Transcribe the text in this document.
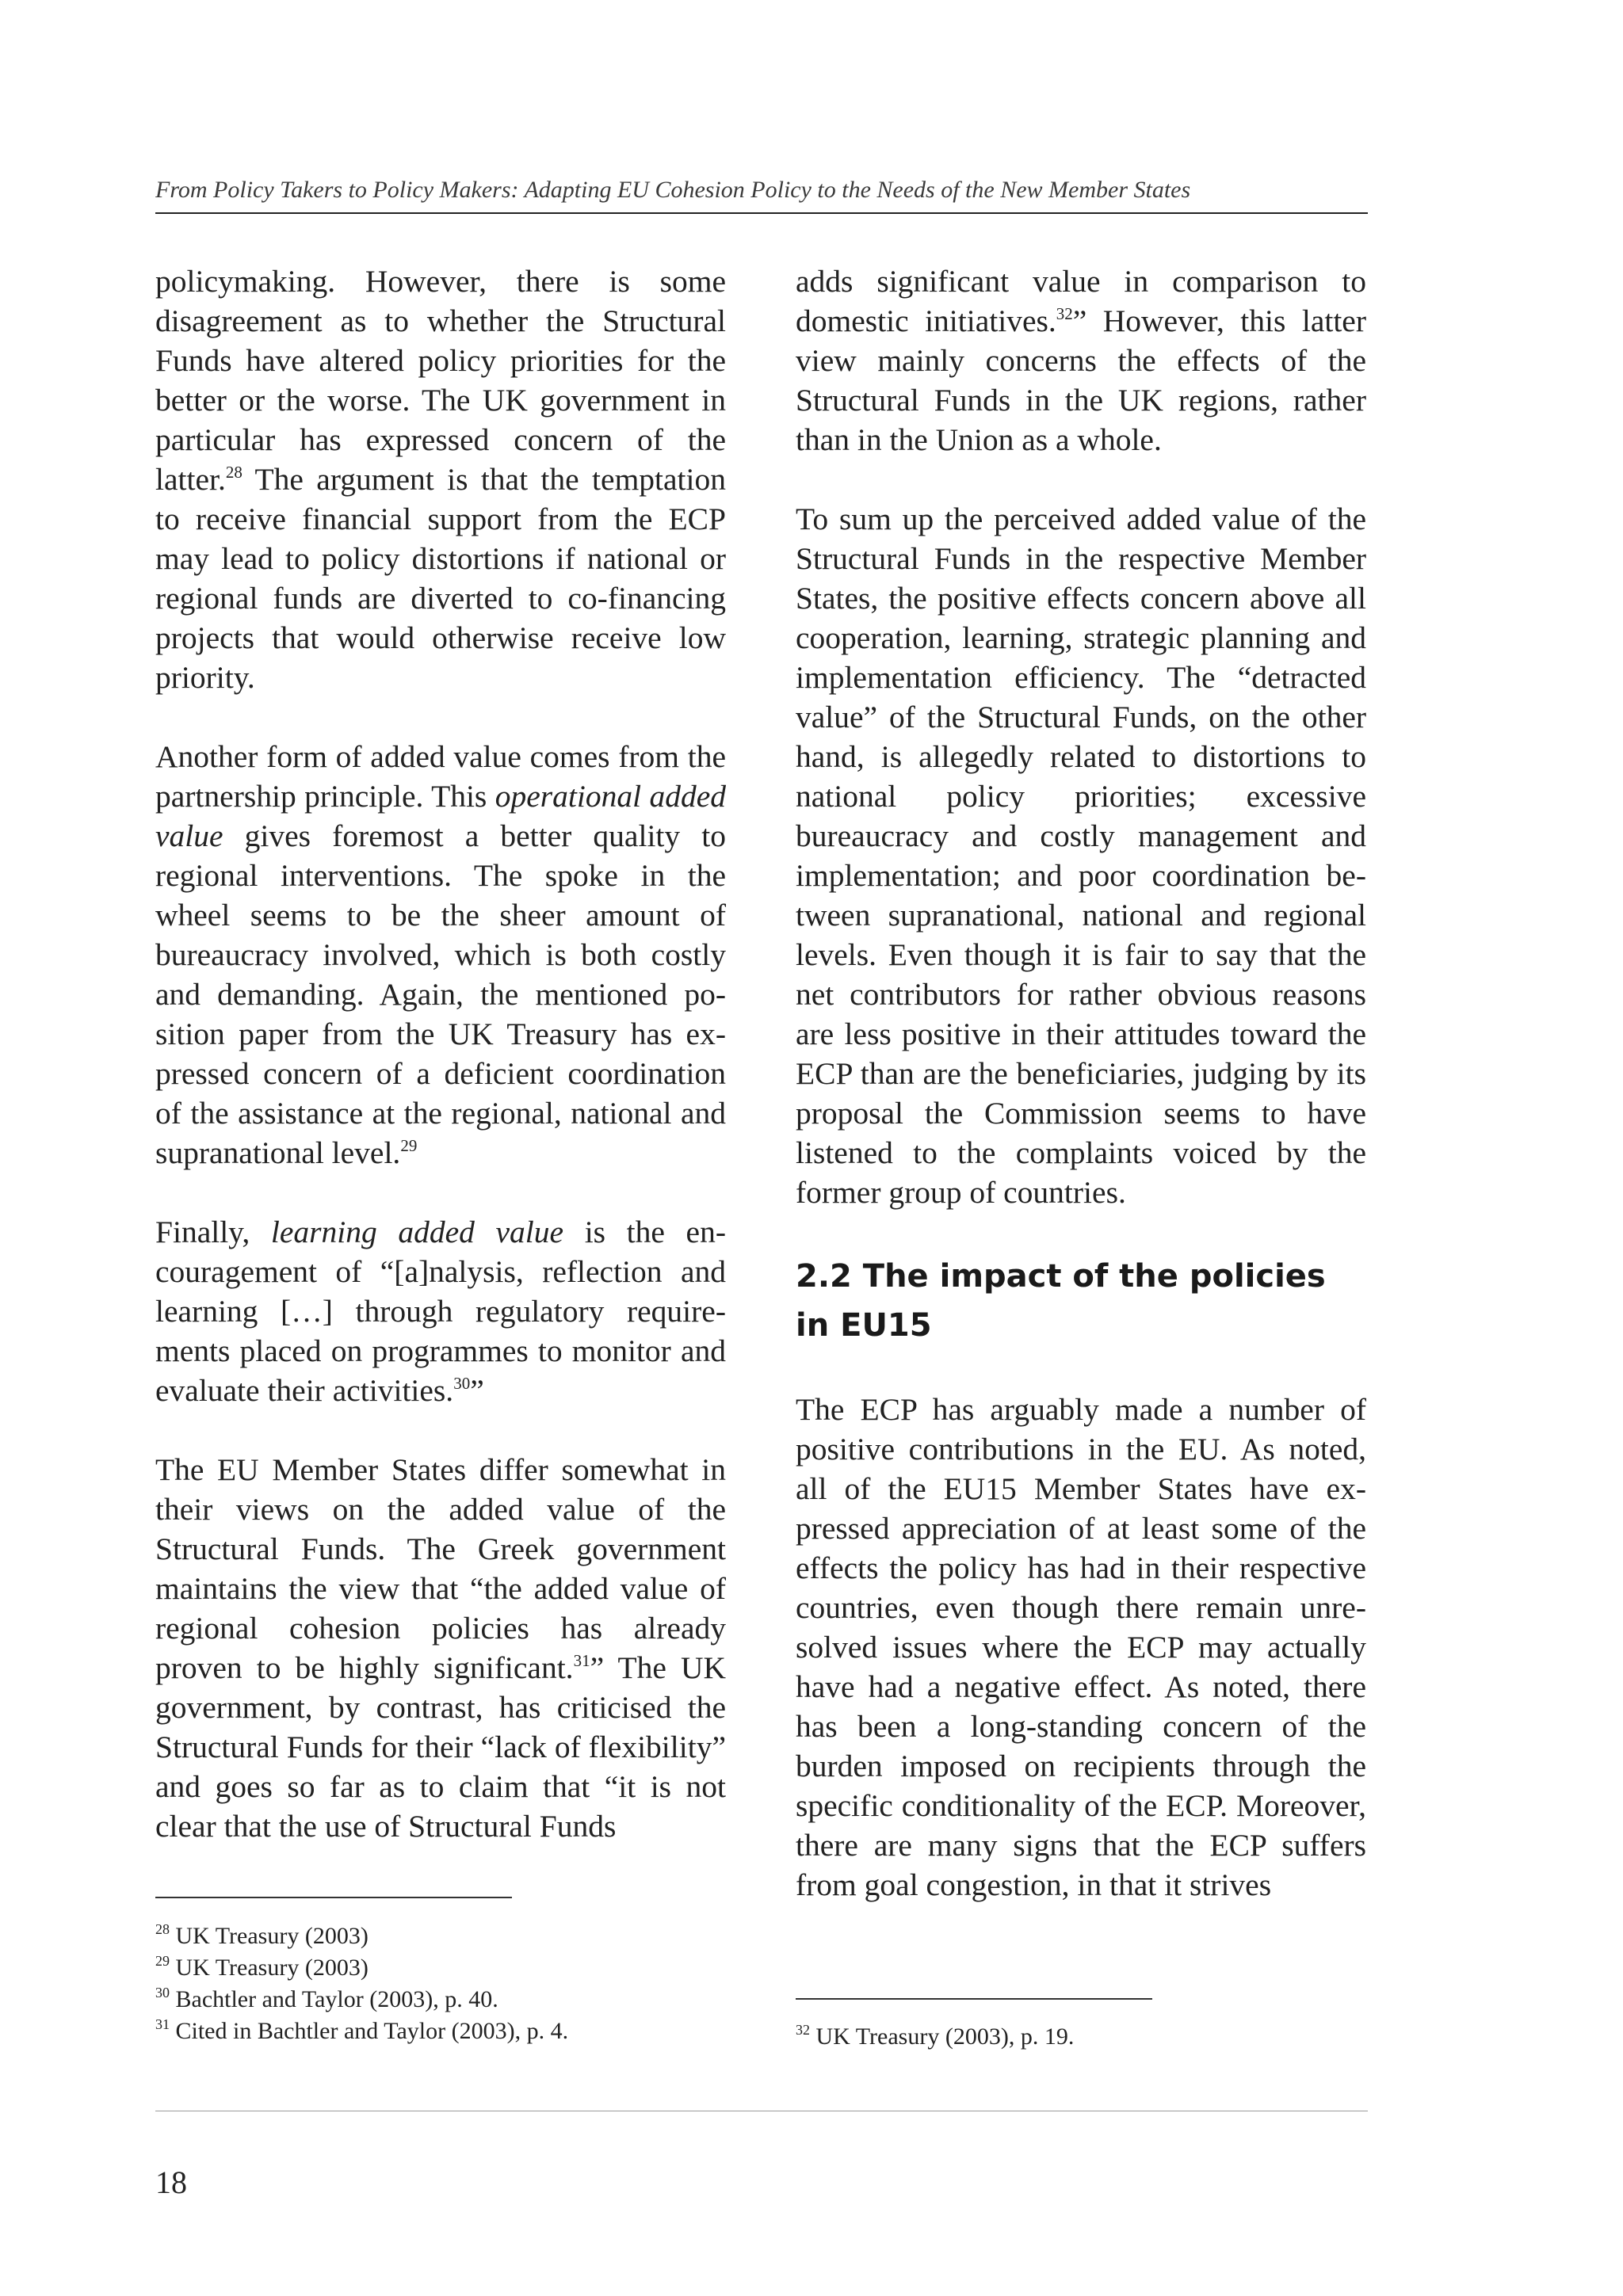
From Policy Takers to Policy Makers: Adapting EU Cohesion Policy to the Needs of the New Member States

policymaking. However, there is some disagreement as to whether the Structural Funds have altered policy priorities for the better or the worse. The UK government in particular has expressed concern of the latter.$^{28}$ The argument is that the temptation to receive financial support from the ECP may lead to policy distortions if national or regional funds are diverted to co-financing projects that would otherwise receive low priority.

Another form of added value comes from the partnership principle. This operational added value gives foremost a better quality to regional interventions. The spoke in the wheel seems to be the sheer amount of bureaucracy involved, which is both costly and demanding. Again, the mentioned position paper from the UK Treasury has expressed concern of a deficient coordination of the assistance at the regional, national and supranational level.$^{29}$

Finally, learning added value is the encouragement of “[a]nalysis, reflection and learning […] through regulatory requirements placed on programmes to monitor and evaluate their activities.$^{30}$”

The EU Member States differ somewhat in their views on the added value of the Structural Funds. The Greek government maintains the view that “the added value of regional cohesion policies has already proven to be highly significant.$^{31}$” The UK government, by contrast, has criticised the Structural Funds for their “lack of flexibility” and goes so far as to claim that “it is not clear that the use of Structural Funds

adds significant value in comparison to domestic initiatives.$^{32}$” However, this latter view mainly concerns the effects of the Structural Funds in the UK regions, rather than in the Union as a whole.

To sum up the perceived added value of the Structural Funds in the respective Member States, the positive effects concern above all cooperation, learning, strategic planning and implementation efficiency. The “detracted value” of the Structural Funds, on the other hand, is allegedly related to distortions to national policy priorities; excessive bureaucracy and costly management and implementation; and poor coordination between supranational, national and regional levels. Even though it is fair to say that the net contributors for rather obvious reasons are less positive in their attitudes toward the ECP than are the beneficiaries, judging by its proposal the Commission seems to have listened to the complaints voiced by the former group of countries.

2.2 The impact of the policies in EU15

The ECP has arguably made a number of positive contributions in the EU. As noted, all of the EU15 Member States have expressed appreciation of at least some of the effects the policy has had in their respective countries, even though there remain unresolved issues where the ECP may actually have had a negative effect. As noted, there has been a long-standing concern of the burden imposed on recipients through the specific conditionality of the ECP. Moreover, there are many signs that the ECP suffers from goal congestion, in that it strives

$^{28}$ UK Treasury (2003)
$^{29}$ UK Treasury (2003)
$^{30}$ Bachtler and Taylor (2003), p. 40.
$^{31}$ Cited in Bachtler and Taylor (2003), p. 4.	$^{32}$ UK Treasury (2003), p. 19.
18
